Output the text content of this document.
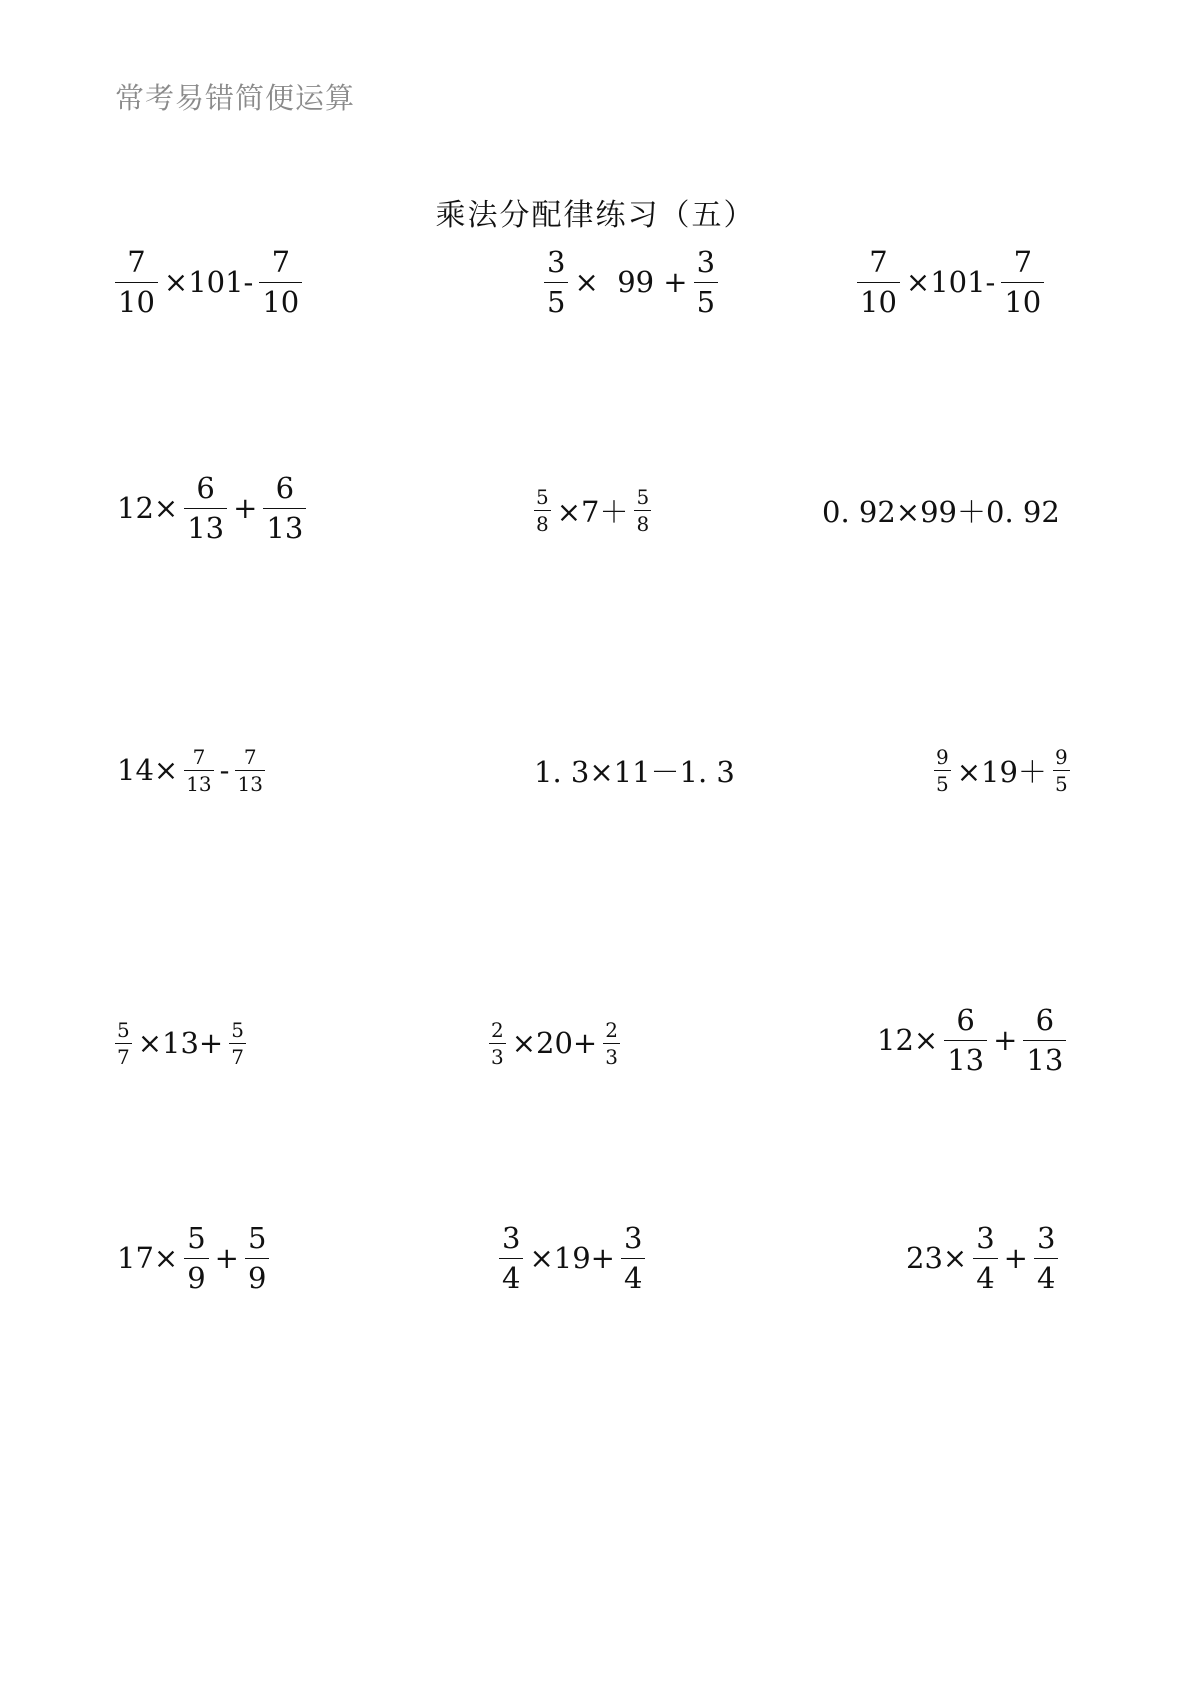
常考易错简便运算
乘法分配律练习（五）
$\frac{7}{10} \times 101- \frac{7}{10}$	$\frac{3}{5} \times 99 + \frac{3}{5}$	$\frac{7}{10} \times 101- \frac{7}{10}$
$12\times \frac{6}{13} + \frac{6}{13}$	$\frac{5}{8} \times 7+ \frac{5}{8}$	0. 92×99＋0. 92
$14\times \frac{7}{13} - \frac{7}{13}$	1. 3×11－1. 3	$\frac{9}{5} \times 19+ \frac{9}{5}$
$\frac{5}{7} \times 13+ \frac{5}{7}$	$\frac{2}{3} \times 20+ \frac{2}{3}$	$12\times \frac{6}{13} + \frac{6}{13}$
$17\times \frac{5}{9} + \frac{5}{9}$	$\frac{3}{4} \times 19+ \frac{3}{4}$	$23\times \frac{3}{4} + \frac{3}{4}$
